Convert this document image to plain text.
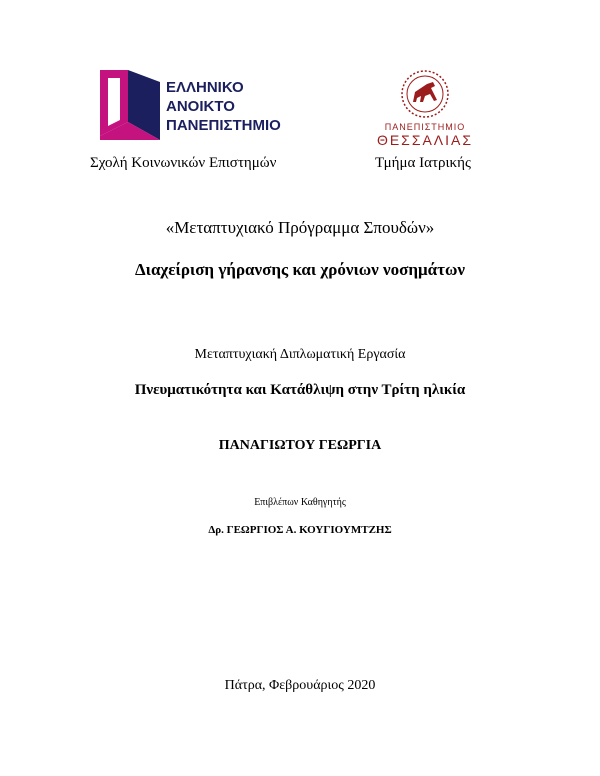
ΕΛΛΗΝΙΚΟ
ΑΝΟΙΚΤΟ
ΠΑΝΕΠΙΣΤΗΜΙΟ	ΠΑΝΕΠΙΣΤΗΜΙΟ
ΘΕΣΣΑΛΙΑΣ
Σχολή Κοινωνικών Επιστημών	Τμήμα Ιατρικής
«Μεταπτυχιακό Πρόγραμμα Σπουδών»
Διαχείριση γήρανσης και χρόνιων νοσημάτων
Μεταπτυχιακή Διπλωματική Εργασία
Πνευματικότητα και Κατάθλιψη στην Τρίτη ηλικία
ΠΑΝΑΓΙΩΤΟΥ ΓΕΩΡΓΙΑ
Επιβλέπων Καθηγητής
Δρ. ΓΕΩΡΓΙΟΣ Α. ΚΟΥΓΙΟΥΜΤΖΗΣ
Πάτρα, Φεβρουάριος 2020
